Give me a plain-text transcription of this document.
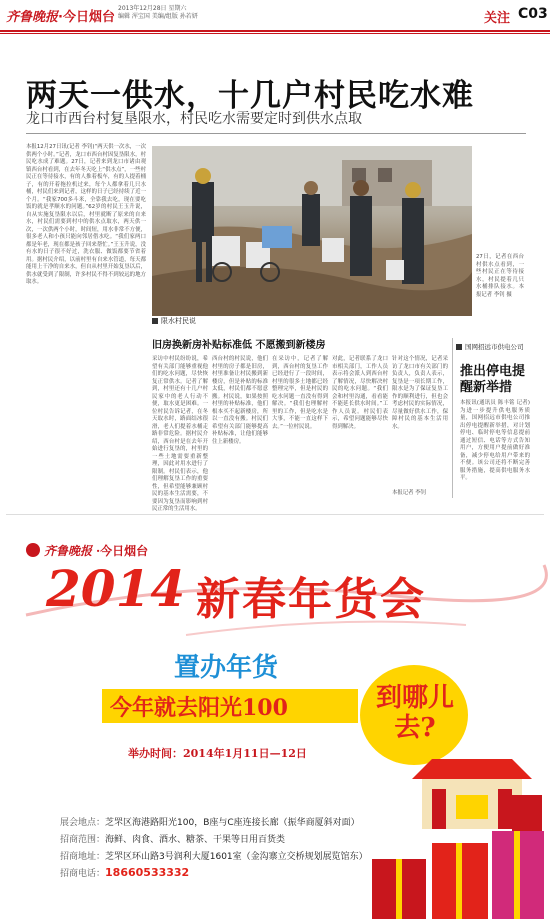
齐鲁晚报 ·今日烟台
2013年12月28日 星期六
编辑 浑宝国 美编/组版 孙若妍	关注 C03
两天一供水，十几户村民吃水难
龙口市西台村复垦限水，村民吃水需要定时到供水点取
本报12月27日讯(记者 李钊)“两天供一次水，一次供两个小时。”记者，龙口市西台村因复垦限水，村民吃水成了难题。27日，记者来到龙口市诸由观镇西台村看到，在去年冬天吃上“供水点”，一些村民正在等待接水，有的人推着板车，有的人提着桶子，有的开着拖拉机过来，每个人都拿着几只水桶，村民们来到记者，这样的日子已经持续了近一个月。“我家700多斗米，全靠我去吃，现在要吃饭的就是孝顺水的问题。”62岁的村民王玉升说，自从实施复垦限水以后，村里就断了原来的自来水，村民们需要到村中的供水点取水，两天供一次，一次供两个小时，时间短，用水非常不方便，很多老人和小孩只能向邻居借水吃。“我们家两口都是年老，现在都是孩子回来帮忙。”王玉升说，没有水的日子很不好过，洗衣服、做饭都要节省着用。据村民介绍，以前村里有自来水管道，每天都能用上干净的自来水，但自从村里开始复垦以后，供水就受到了限制，许多村民不得不到较远的地方取水。
27日，记者在西台村供水点看到，一些村民正在等待接水，村民提着几只水桶排队接水。本报记者 李钊 摄
限水村民说
旧房换新房补贴标准低 不愿搬到新楼房
采访中村民纷纷说，希望有关部门能够重视他们的吃水问题，尽快恢复正常供水。记者了解到，村里还有十几户村民家中的老人行动不便，取水更是困难。一位村民告诉记者，在冬天取水时，路面结冰很滑，老人们提着水桶走路非常危险。据村民介绍，西台村是在去年开始进行复垦的，村里的一些土地需要重新整理，因此对用水进行了限制。村民们表示，他们理解复垦工作的重要性，但希望能够兼顾村民的基本生活需要，不要因为复垦而影响到村民正常的生活用水。
西台村的村民说，他们村里的房子都是旧房，村里准备让村民搬到新楼房，但是补贴的标准太低，村民们都不愿意搬。村民说，如果按照村里的补贴标准，他们根本买不起新楼房，所以一直没有搬。村民们希望有关部门能够提高补贴标准，让他们能够住上新楼房。
在采访中，记者了解到，西台村的复垦工作已经进行了一段时间，村里的很多土地都已经整理完毕，但是村民的吃水问题一直没有得到解决。“我们也理解村里的工作，但是吃水是大事，不能一直这样下去。”一位村民说。
对此，记者联系了龙口市相关部门，工作人员表示将会派人到西台村了解情况，尽快解决村民的吃水问题。“我们会和村里沟通，看看能不能延长供水时间。”工作人员说。村民们表示，希望问题能够尽快得到解决。
针对这个情况，记者采访了龙口市有关部门的负责人，负责人表示，复垦是一项长期工作，限水是为了保证复垦工作的顺利进行，但也会考虑村民的实际情况，尽量做好供水工作，保障村民的基本生活用水。
本报记者 李钊
国网招远市供电公司
推出停电提醒新举措
本报讯(通讯员 陈丰铭 记者)为进一步提升供电服务质量，国网招远市供电公司推出停电提醒新举措，对计划停电、临时停电等信息提前通过短信、电话等方式告知用户，方便用户提前做好准备，减少停电给用户带来的不便。该公司还将不断完善服务措施，提高供电服务水平。
齐鲁晚报 ·今日烟台
2014 新春年货会
置办年货
今年就去阳光100	到哪儿去?
举办时间：2014年1月11日—12日
展会地点：芝罘区海港路阳光100，B座与C座连接长廊（振华商厦斜对面）
招商范围：海鲜、肉食、酒水、糖茶、干果等日用百货类
招商地址：芝罘区环山路3号润利大厦1601室（金沟寨立交桥规划展览馆东）
招商电话：18660533332
